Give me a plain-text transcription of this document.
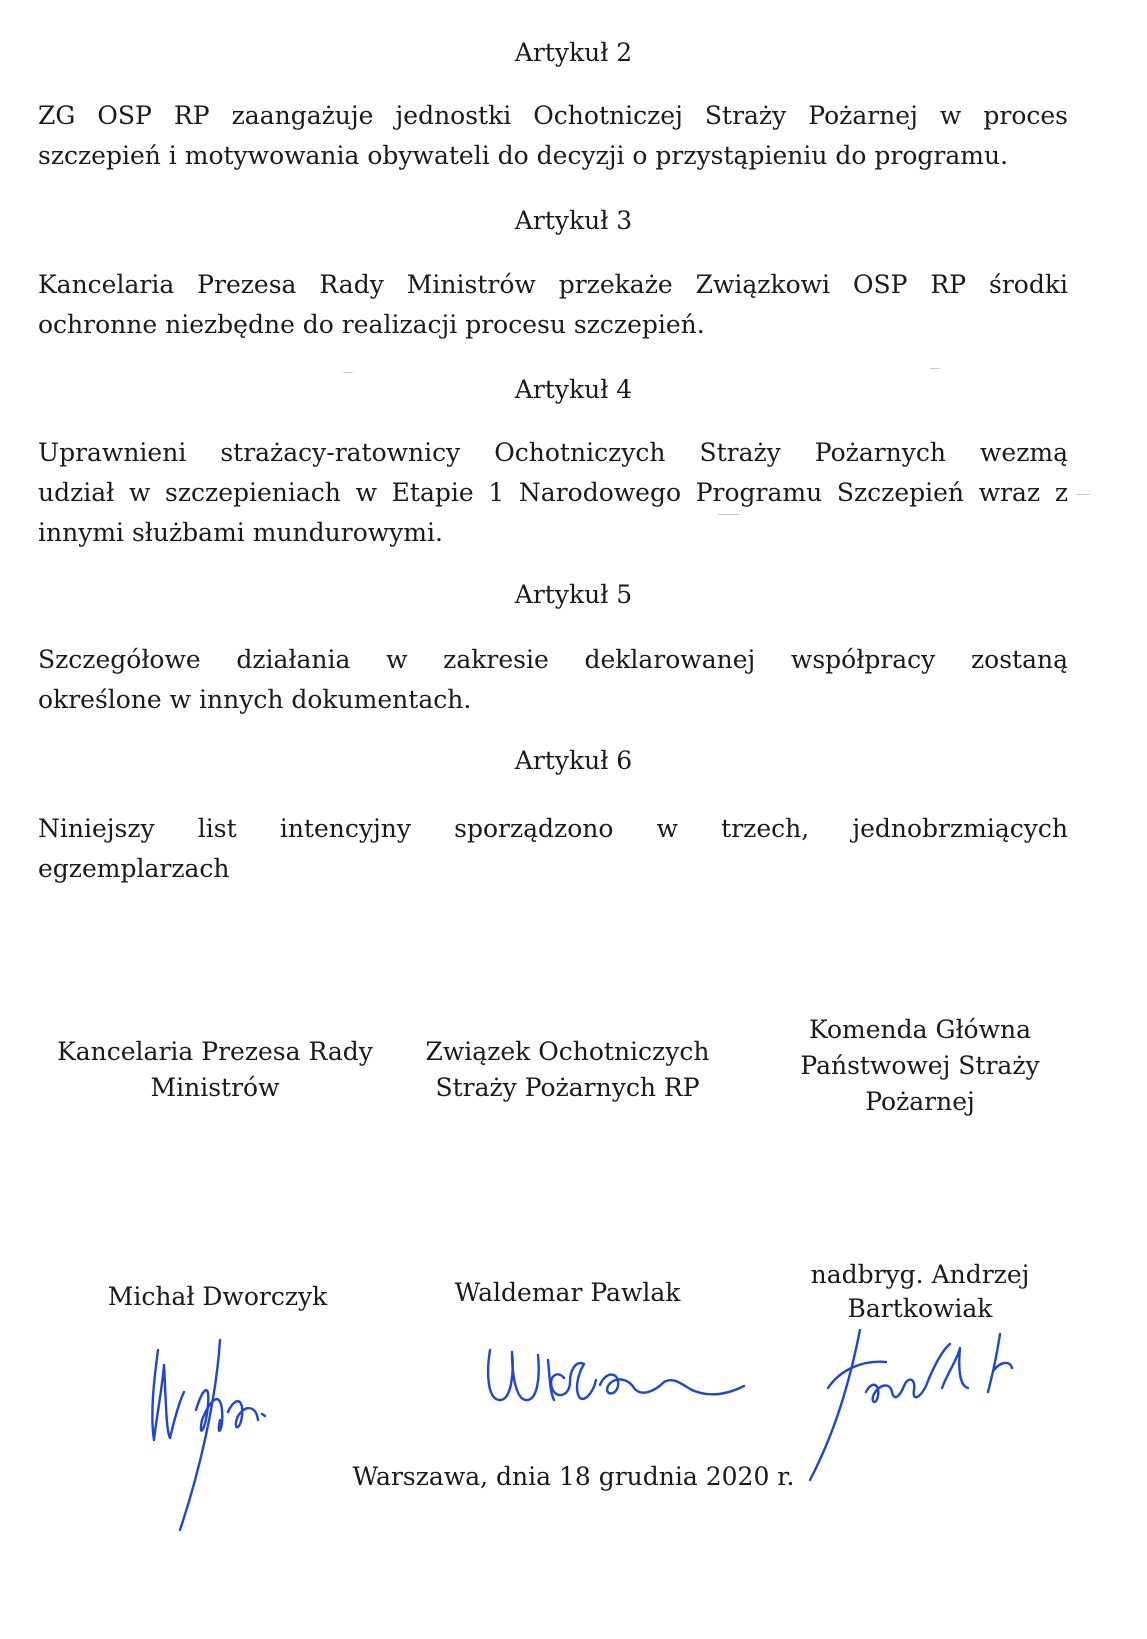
Artykuł 2
ZG OSP RP zaangażuje jednostki Ochotniczej Straży Pożarnej w proces
szczepień i motywowania obywateli do decyzji o przystąpieniu do programu.
Artykuł 3
Kancelaria Prezesa Rady Ministrów przekaże Związkowi OSP RP środki
ochronne niezbędne do realizacji procesu szczepień.
Artykuł 4
Uprawnieni strażacy-ratownicy Ochotniczych Straży Pożarnych wezmą
udział w szczepieniach w Etapie 1 Narodowego Programu Szczepień wraz z
innymi służbami mundurowymi.
Artykuł 5
Szczegółowe działania w zakresie deklarowanej współpracy zostaną
określone w innych dokumentach.
Artykuł 6
Niniejszy list intencyjny sporządzono w trzech, jednobrzmiących
egzemplarzach
Kancelaria Prezesa Rady
Ministrów
Związek Ochotniczych
Straży Pożarnych RP
Komenda Główna
Państwowej Straży
Pożarnej
Michał Dworczyk	Waldemar Pawlak
nadbryg. Andrzej
Bartkowiak
Warszawa, dnia 18 grudnia 2020 r.
